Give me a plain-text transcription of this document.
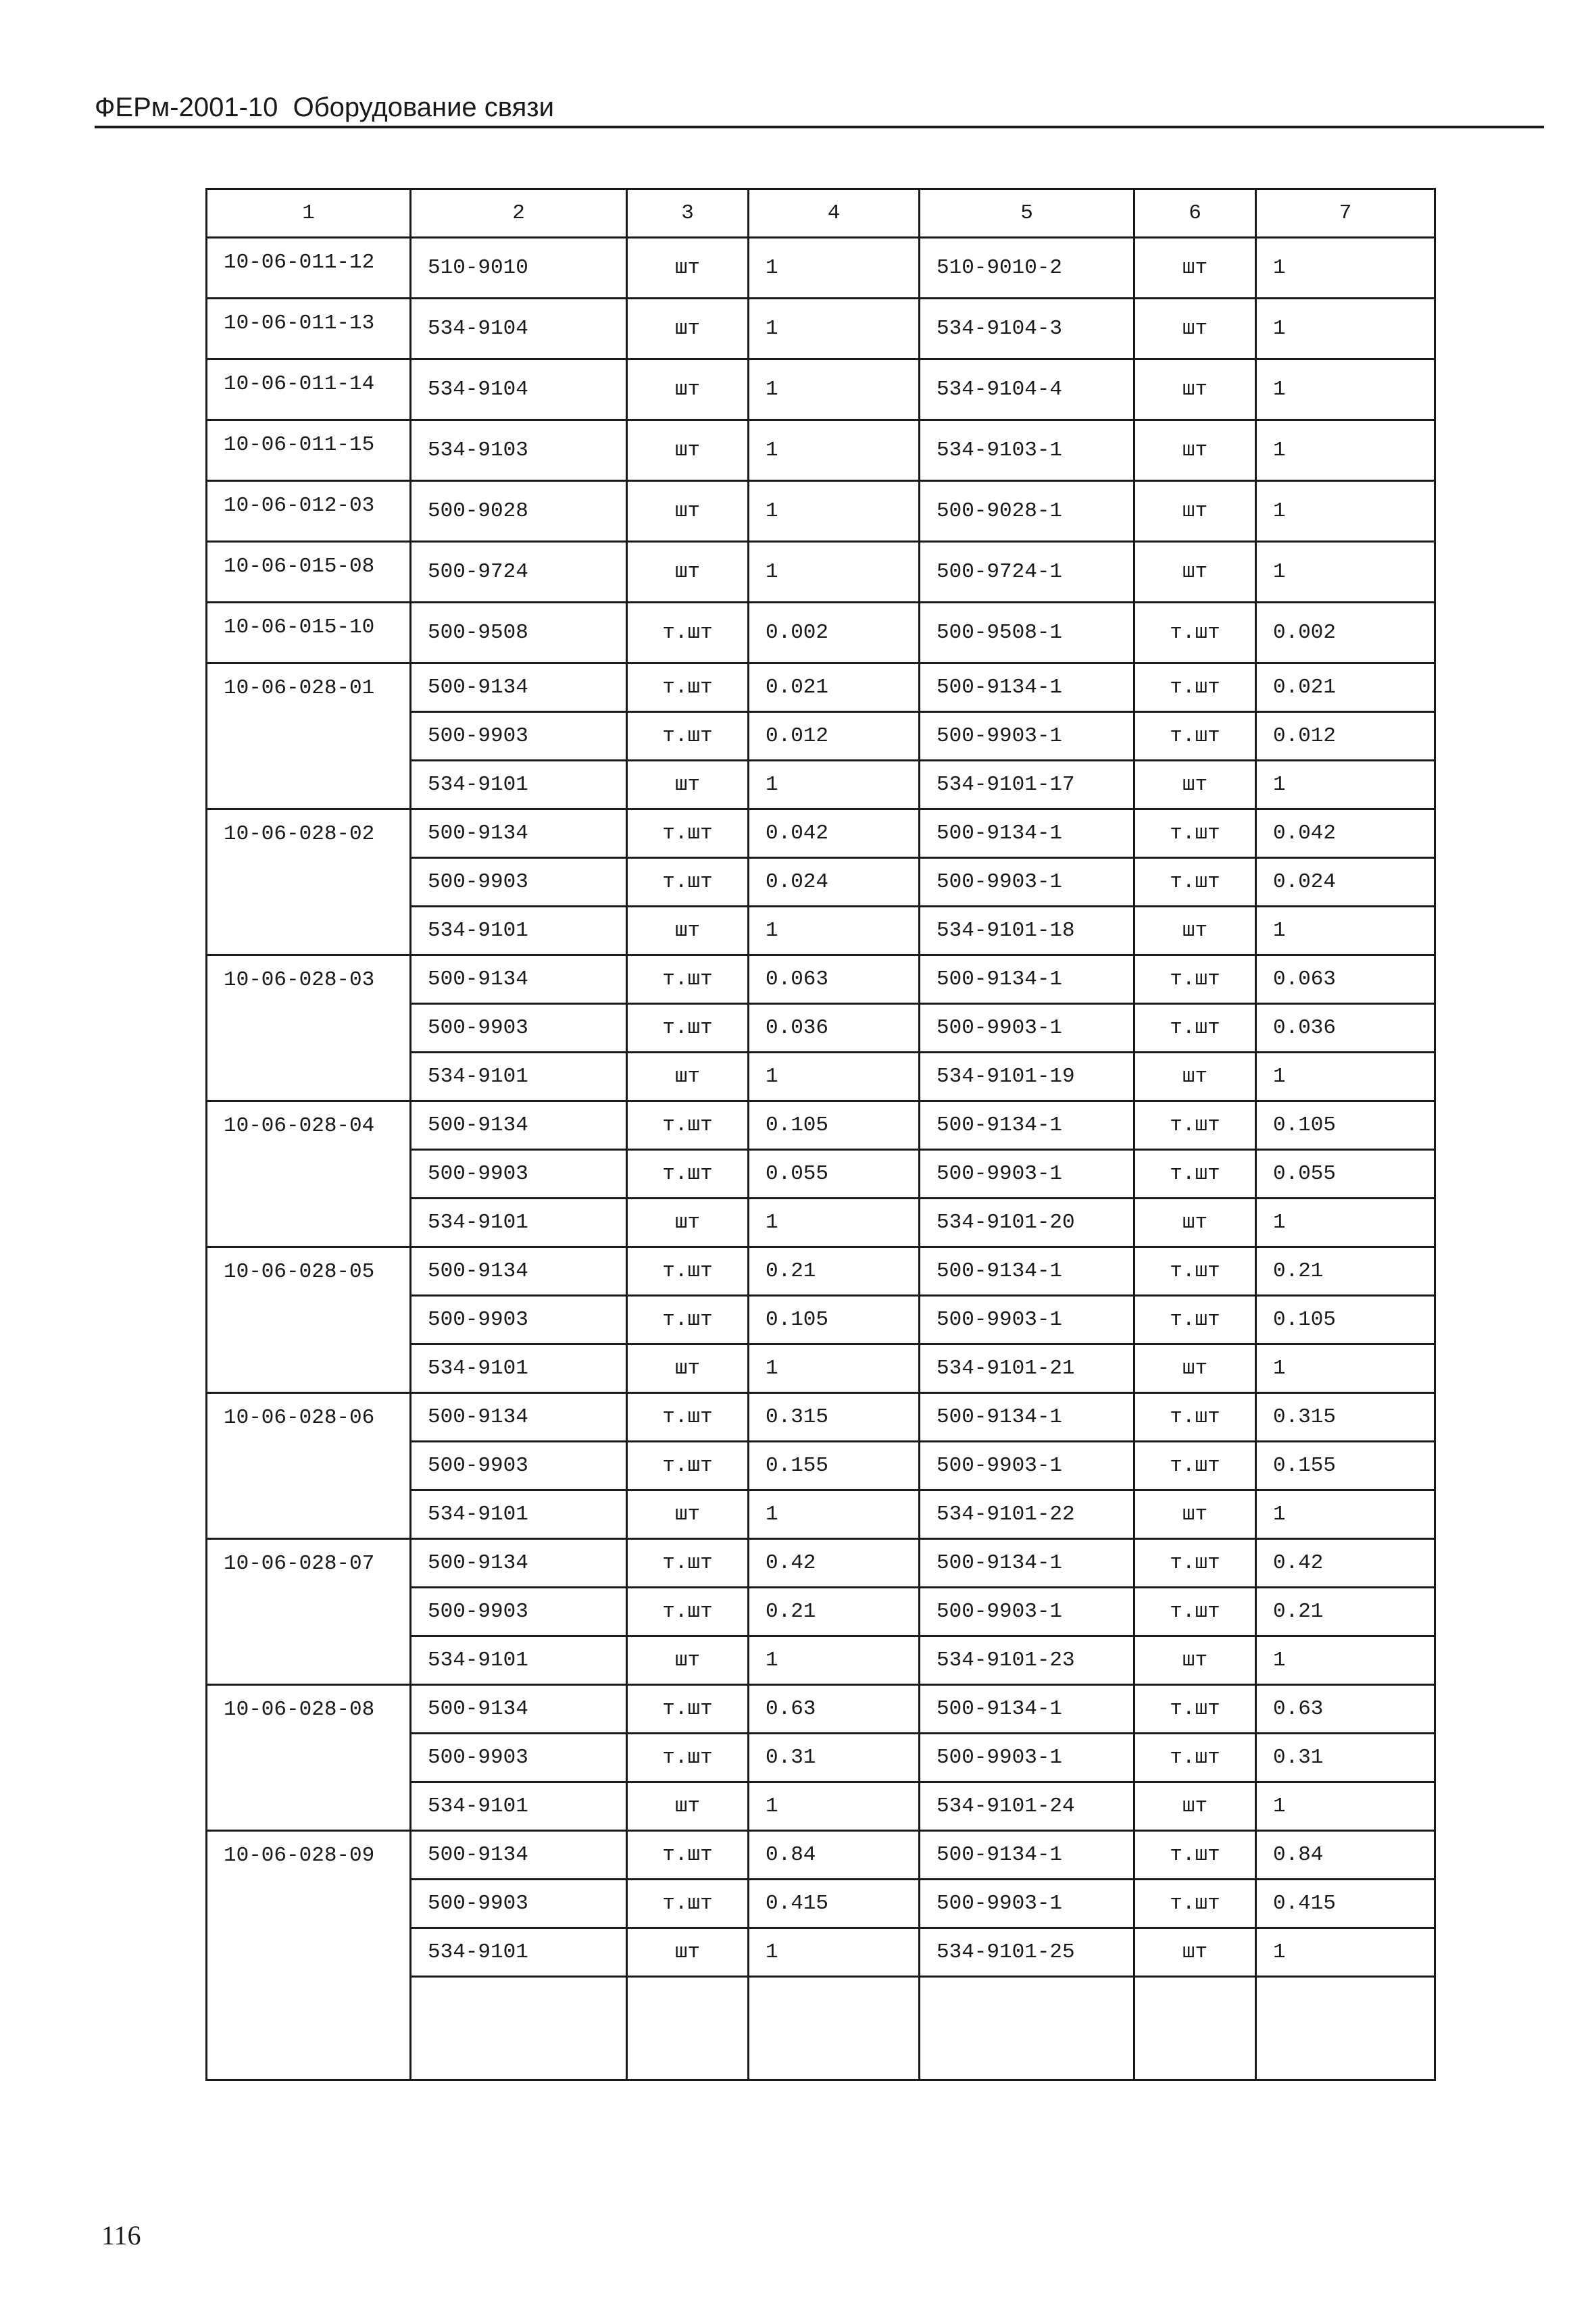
ФЕРм-2001-10  Оборудование связи
1	2	3	4	5	6	7
10-06-011-12	510-9010	шт	1	510-9010-2	шт	1
10-06-011-13	534-9104	шт	1	534-9104-3	шт	1
10-06-011-14	534-9104	шт	1	534-9104-4	шт	1
10-06-011-15	534-9103	шт	1	534-9103-1	шт	1
10-06-012-03	500-9028	шт	1	500-9028-1	шт	1
10-06-015-08	500-9724	шт	1	500-9724-1	шт	1
10-06-015-10	500-9508	т.шт	0.002	500-9508-1	т.шт	0.002
10-06-028-01	500-9134	т.шт	0.021	500-9134-1	т.шт	0.021
	500-9903	т.шт	0.012	500-9903-1	т.шт	0.012
	534-9101	шт	1	534-9101-17	шт	1
10-06-028-02	500-9134	т.шт	0.042	500-9134-1	т.шт	0.042
	500-9903	т.шт	0.024	500-9903-1	т.шт	0.024
	534-9101	шт	1	534-9101-18	шт	1
10-06-028-03	500-9134	т.шт	0.063	500-9134-1	т.шт	0.063
	500-9903	т.шт	0.036	500-9903-1	т.шт	0.036
	534-9101	шт	1	534-9101-19	шт	1
10-06-028-04	500-9134	т.шт	0.105	500-9134-1	т.шт	0.105
	500-9903	т.шт	0.055	500-9903-1	т.шт	0.055
	534-9101	шт	1	534-9101-20	шт	1
10-06-028-05	500-9134	т.шт	0.21	500-9134-1	т.шт	0.21
	500-9903	т.шт	0.105	500-9903-1	т.шт	0.105
	534-9101	шт	1	534-9101-21	шт	1
10-06-028-06	500-9134	т.шт	0.315	500-9134-1	т.шт	0.315
	500-9903	т.шт	0.155	500-9903-1	т.шт	0.155
	534-9101	шт	1	534-9101-22	шт	1
10-06-028-07	500-9134	т.шт	0.42	500-9134-1	т.шт	0.42
	500-9903	т.шт	0.21	500-9903-1	т.шт	0.21
	534-9101	шт	1	534-9101-23	шт	1
10-06-028-08	500-9134	т.шт	0.63	500-9134-1	т.шт	0.63
	500-9903	т.шт	0.31	500-9903-1	т.шт	0.31
	534-9101	шт	1	534-9101-24	шт	1
10-06-028-09	500-9134	т.шт	0.84	500-9134-1	т.шт	0.84
	500-9903	т.шт	0.415	500-9903-1	т.шт	0.415
	534-9101	шт	1	534-9101-25	шт	1

116
